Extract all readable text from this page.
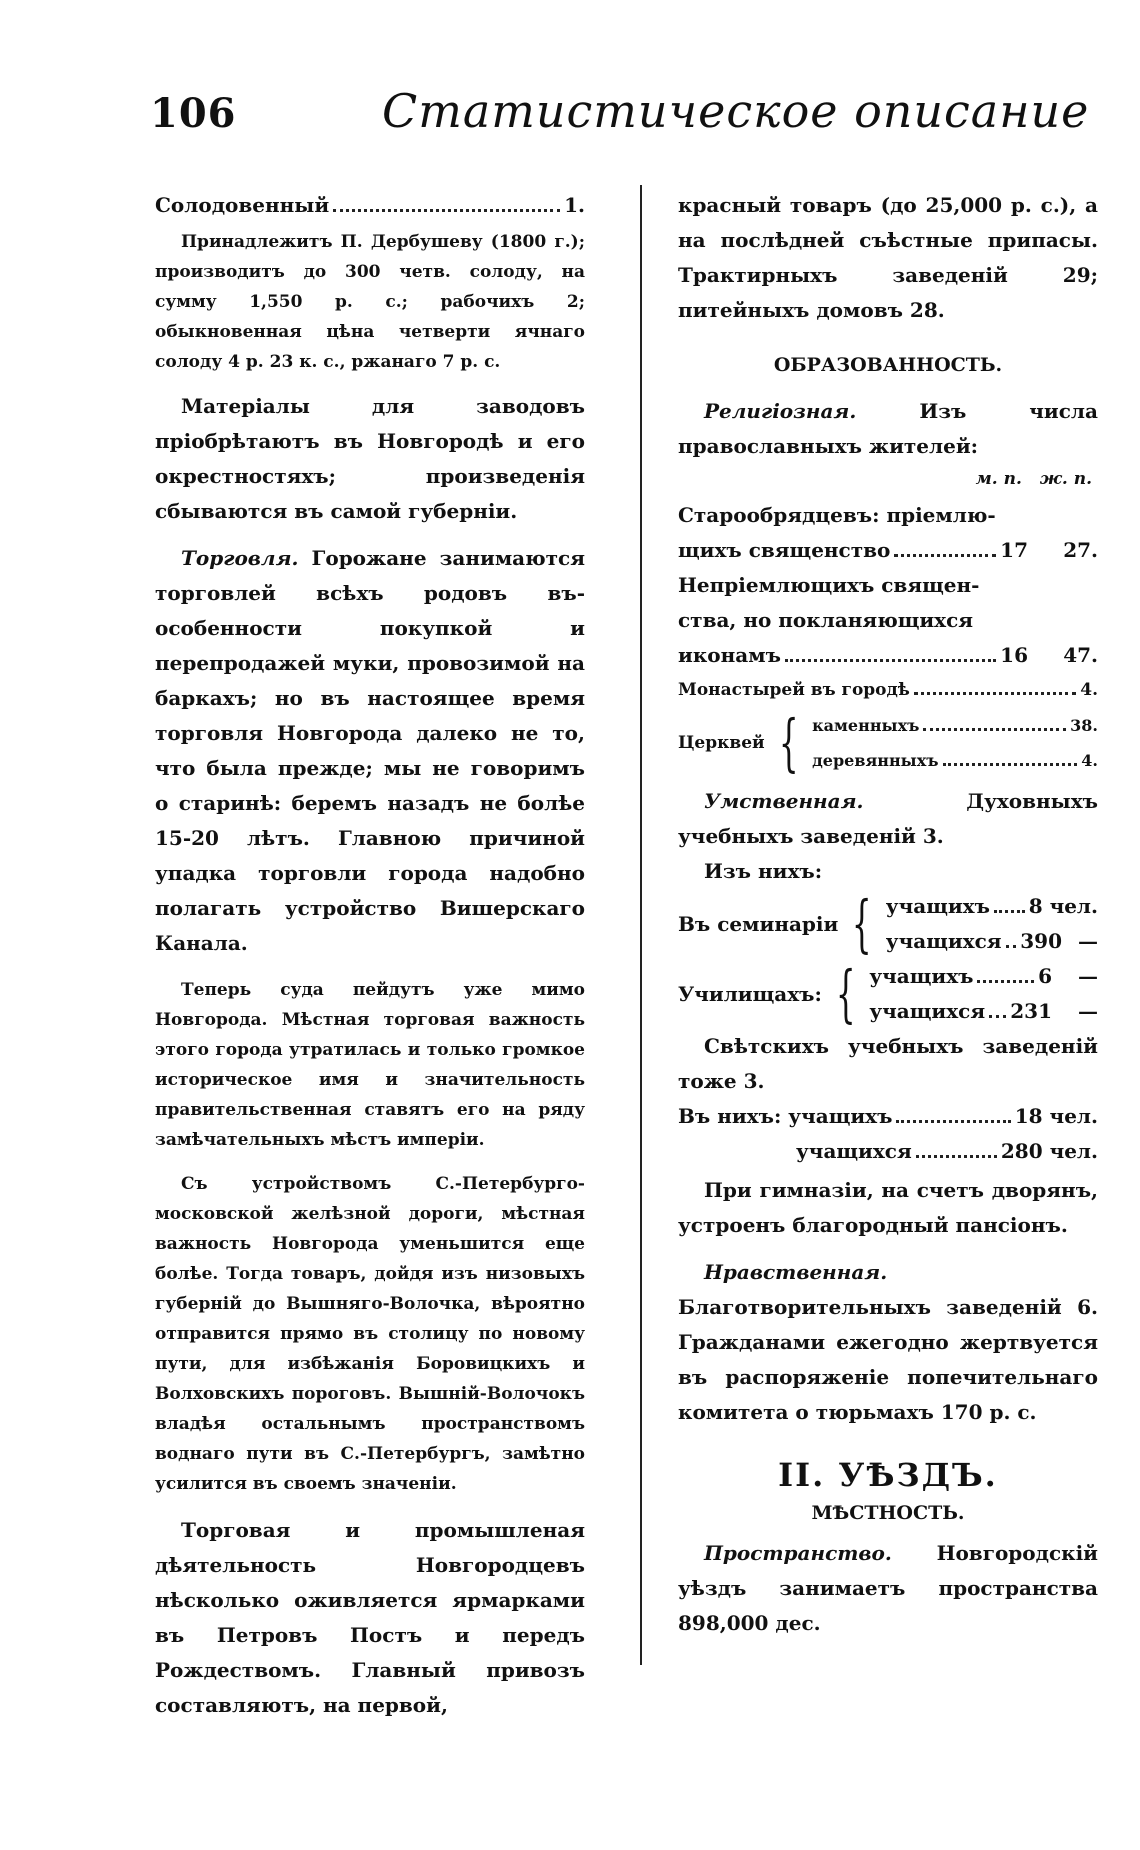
106	Статистическое описание
Солодовенный	1.

Принадлежитъ П. Дербушеву (1800 г.); производитъ до 300 четв. солоду, на сумму 1,550 р. с.; рабочихъ 2; обыкновенная цѣна четверти ячнаго солоду 4 р. 23 к. с., ржанаго 7 р. с.

Матеріалы для заводовъ пріобрѣтаютъ въ Новгородѣ и его окрестностяхъ; произведенія сбываются въ самой губерніи.

Торговля. Горожане занимаются торговлей всѣхъ родовъ въ-особенности покупкой и перепродажей муки, провозимой на баркахъ; но въ настоящее время торговля Новгорода далеко не то, что была прежде; мы не говоримъ о старинѣ: беремъ назадъ не болѣе 15-20 лѣтъ. Главною причиной упадка торговли города надобно полагать устройство Вишерскаго Канала.

Теперь суда пейдутъ уже мимо Новгорода. Мѣстная торговая важность этого города утратилась и только громкое историческое имя и значительность правительственная ставятъ его на ряду замѣчательныхъ мѣстъ имперіи.

Съ устройствомъ С.-Петербурго-московской желѣзной дороги, мѣстная важность Новгорода уменьшится еще болѣе. Тогда товаръ, дойдя изъ низовыхъ губерній до Вышняго-Волочка, вѣроятно отправится прямо въ столицу по новому пути, для избѣжанія Боровицкихъ и Волховскихъ пороговъ. Вышній-Волочокъ владѣя остальнымъ пространствомъ воднаго пути въ С.-Петербургъ, замѣтно усилится въ своемъ значеніи.

Торговая и промышленая дѣятельность Новгородцевъ нѣсколько оживляется ярмарками въ Петровъ Постъ и передъ Рождествомъ. Главный привозъ составляютъ, на первой,

красный товаръ (до 25,000 р. с.), а на послѣдней съѣстные припасы. Трактирныхъ заведеній 29; питейныхъ домовъ 28.

ОБРАЗОВАННОСТЬ.

Религіозная.	Изъ числа православныхъ жителей:

м. п. ж. п.
Старообрядцевъ: пріемлю-
щихъ священство	17	27.
Непріемлющихъ священ-
ства, но покланяющихся
иконамъ	16	47.
Монастырей въ городѣ	4.
Церквей { каменныхъ	38.
деревянныхъ	4.

Умственная.	Духовныхъ учебныхъ заведеній 3.

Изъ нихъ:
Въ семинаріи { учащихъ 8 чел.
учащихся 390 —
Училищахъ: { учащихъ	6	—
учащихся 231	—

Свѣтскихъ учебныхъ заведеній тоже 3.

Въ нихъ: учащихъ	18 чел.
учащихся	280 чел.

При гимназіи, на счетъ дворянъ, устроенъ благородный пансіонъ.

Нравственная. Благотворительныхъ заведеній 6. Гражданами ежегодно жертвуется въ распоряженіе попечительнаго комитета о тюрьмахъ 170 р. с.

II. УѢЗДЪ.
МѢСТНОСТЬ.

Пространство. Новгородскій уѣздъ занимаетъ пространства 898,000 дес.
